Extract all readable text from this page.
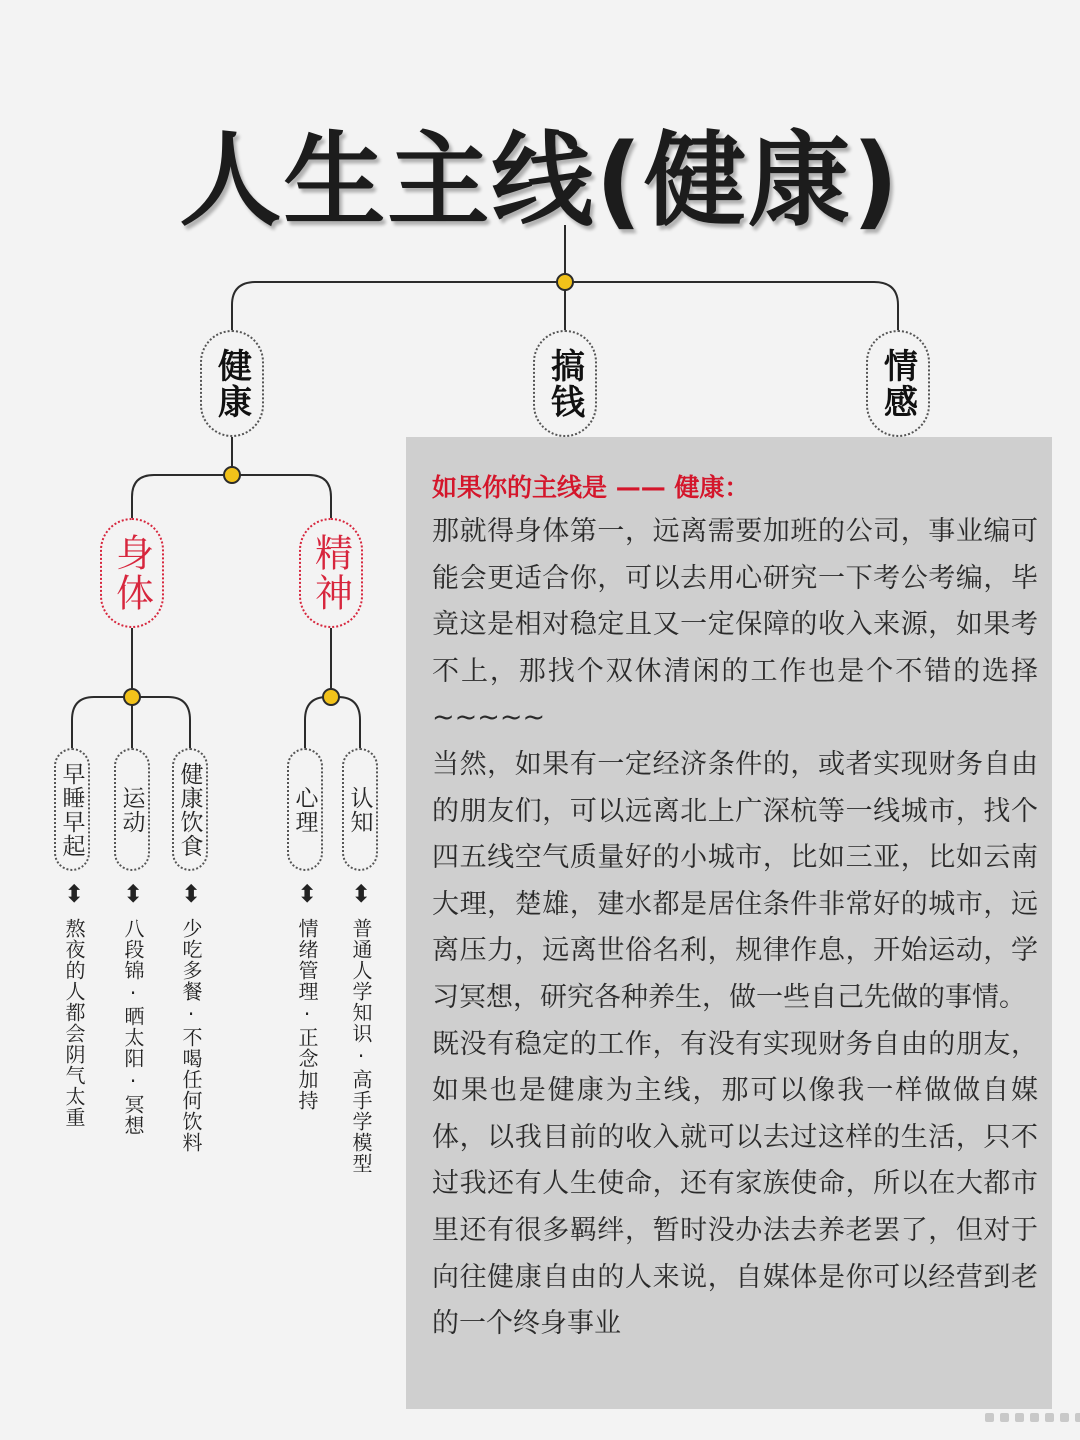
人生主线(健康)
健康	搞钱	情感
身体	精神
早睡早起 运动 健康饮食	心理 认知
⬍ ⬍ ⬍	⬍ ⬍
熬夜的人都会阴气太重 八段锦·晒太阳·冥想 少吃多餐·不喝任何饮料	情绪管理·正念加持 普通人学知识·高手学模型
如果你的主线是 —— 健康：

那就得身体第一，远离需要加班的公司，事业编可能会更适合你，可以去用心研究一下考公考编，毕竟这是相对稳定且又一定保障的收入来源，如果考不上，那找个双休清闲的工作也是个不错的选择~~~~~

当然，如果有一定经济条件的，或者实现财务自由的朋友们，可以远离北上广深杭等一线城市，找个四五线空气质量好的小城市，比如三亚，比如云南大理，楚雄，建水都是居住条件非常好的城市，远离压力，远离世俗名利，规律作息，开始运动，学习冥想，研究各种养生，做一些自己先做的事情。

既没有稳定的工作，有没有实现财务自由的朋友，如果也是健康为主线，那可以像我一样做做自媒体，以我目前的收入就可以去过这样的生活，只不过我还有人生使命，还有家族使命，所以在大都市里还有很多羁绊，暂时没办法去养老罢了，但对于向往健康自由的人来说，自媒体是你可以经营到老的一个终身事业
